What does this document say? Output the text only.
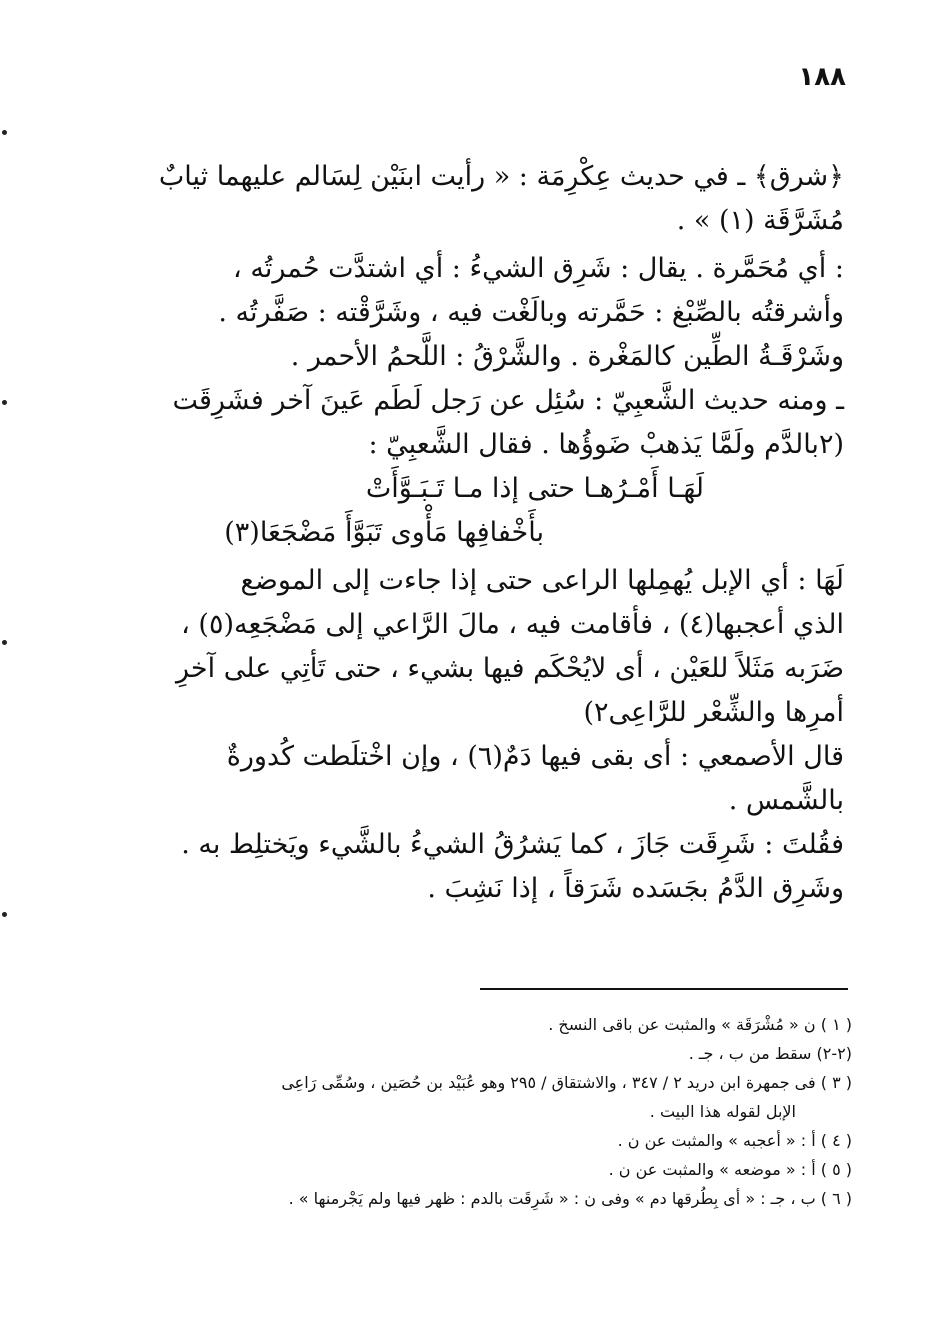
١٨٨
﴿شرق﴾ ـ في حديث عِكْرِمَة : « رأيت ابنَيْن لِسَالم عليهما ثيابٌ
مُشَرَّقَة (١) » .
: أي مُحَمَّرة . يقال : شَرِق الشيءُ : أي اشتدَّت حُمرتُه ،
وأشرقتُه بالصِّبْغ : حَمَّرته وبالَغْت فيه ، وشَرَّقْته : صَفَّرتُه .
وشَرْقَـةُ الطِّين كالمَغْرة . والشَّرْقُ : اللَّحمُ الأحمر .
ـ ومنه حديث الشَّعبِيّ : سُئِل عن رَجل لَطَم عَينَ آخر فشَرِقَت
(٢بالدَّم ولَمَّا يَذهبْ ضَوؤُها . فقال الشَّعبِيّ :
لَهَـا أَمْـرُهـا حتى إذا مـا تَـبَـوَّأَتْ
بأَخْفافِها مَأْوى تَبَوَّأَ مَضْجَعَا(٣)
لَهَا : أي الإبل يُهمِلها الراعى حتى إذا جاءت إلى الموضع
الذي أعجبها(٤) ، فأقامت فيه ، مالَ الرَّاعي إلى مَضْجَعِه(٥) ،
ضَرَبه مَثَلاً للعَيْن ، أى لايُحْكَم فيها بشيء ، حتى تَأتِي على آخرِ
أمرِها والشِّعْر للرَّاعِى٢)
قال الأصمعي : أى بقى فيها دَمٌ(٦) ، وإن اخْتلَطت كُدورةٌ
بالشَّمس .
فقُلتَ : شَرِقَت جَازَ ، كما يَشرُقُ الشيءُ بالشَّيء ويَختلِط به .
وشَرِق الدَّمُ بجَسَده شَرَقاً ، إذا نَشِبَ .
( ١ ) ن « مُشْرَقَة » والمثبت عن باقى النسخ .
(٢-٢) سقط من ب ، جـ .
( ٣ ) فى جمهرة ابن دريد ٢ / ٣٤٧ ، والاشتقاق / ٢٩٥ وهو عُبَيْد بن حُصَين ، وسُمِّى رَاعِى
الإبل لقوله هذا البيت .
( ٤ ) أ : « أعجبه » والمثبت عن ن .
( ٥ ) أ : « موضعه » والمثبت عن ن .
( ٦ ) ب ، جـ : « أى بِطُرقها دم » وفى ن : « شَرِقَت بالدم : ظهر فيها ولم يَجْرمنها » .
